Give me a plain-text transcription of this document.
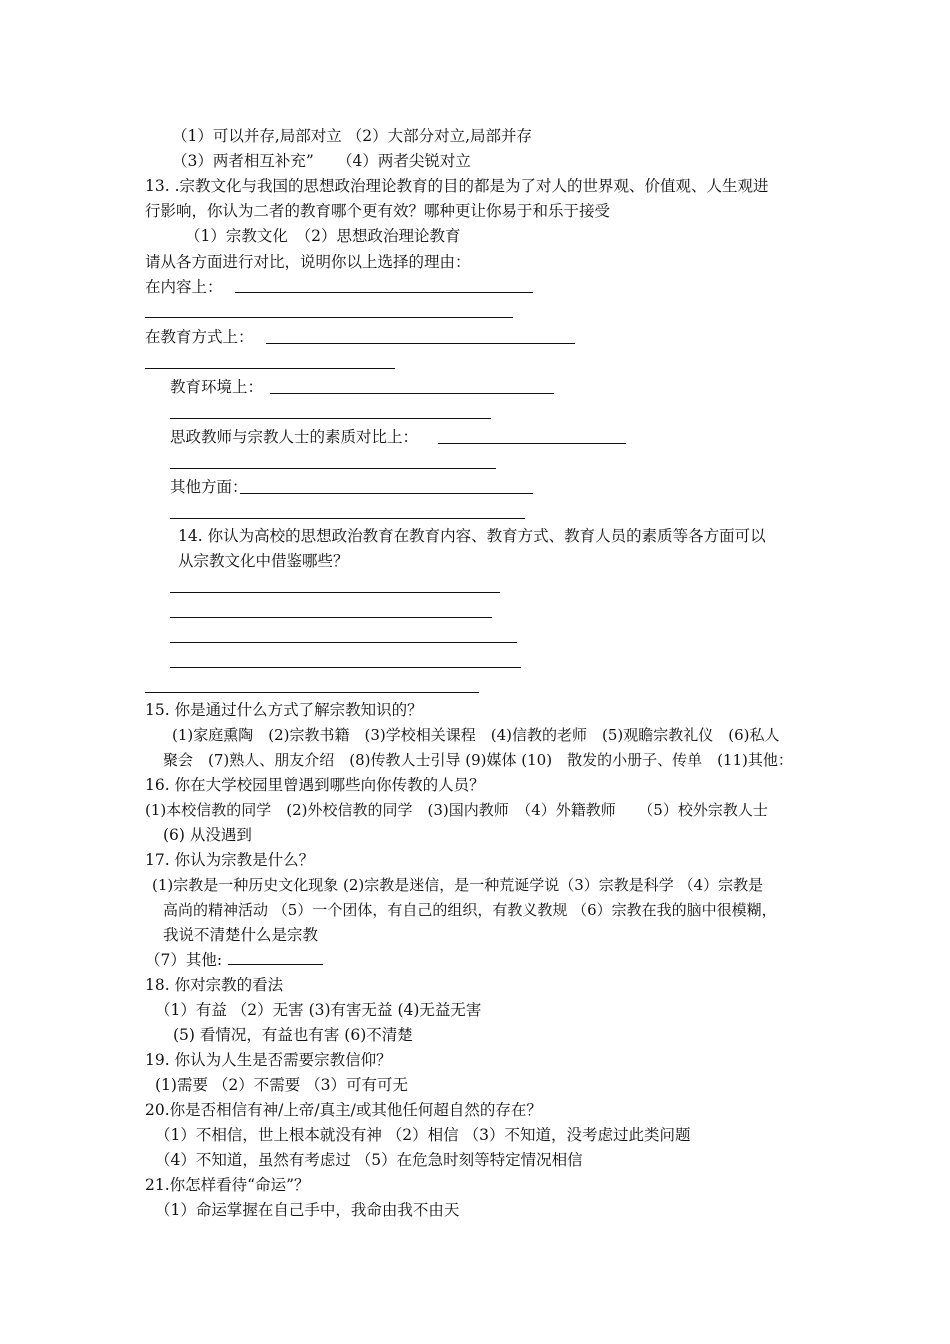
（1）可以并存,局部对立 （2）大部分对立,局部并存
（3）两者相互补充”　　（4）两者尖锐对立
13. .宗教文化与我国的思想政治理论教育的目的都是为了对人的世界观、价值观、人生观进
行影响，你认为二者的教育哪个更有效？哪种更让你易于和乐于接受
（1）宗教文化　（2）思想政治理论教育
请从各方面进行对比，说明你以上选择的理由：
在内容上：
在教育方式上：
教育环境上：
思政教师与宗教人士的素质对比上：
其他方面：
14. 你认为高校的思想政治教育在教育内容、教育方式、教育人员的素质等各方面可以
从宗教文化中借鉴哪些？
15. 你是通过什么方式了解宗教知识的？
(1)家庭熏陶　(2)宗教书籍　(3)学校相关课程　(4)信教的老师　(5)观瞻宗教礼仪　(6)私人
聚会　(7)熟人、朋友介绍　(8)传教人士引导 (9)媒体 (10)　散发的小册子、传单　(11)其他：
16. 你在大学校园里曾遇到哪些向你传教的人员？
(1)本校信教的同学　(2)外校信教的同学　(3)国内教师　（4）外籍教师　　（5）校外宗教人士
(6) 从没遇到
17. 你认为宗教是什么？
(1)宗教是一种历史文化现象 (2)宗教是迷信，是一种荒诞学说（3）宗教是科学 （4）宗教是
高尚的精神活动 （5）一个团体，有自己的组织，有教义教规 （6）宗教在我的脑中很模糊，
我说不清楚什么是宗教
（7）其他:
18. 你对宗教的看法
（1）有益 （2）无害 (3)有害无益 (4)无益无害
(5) 看情况，有益也有害 (6)不清楚
19. 你认为人生是否需要宗教信仰？
(1)需要 （2）不需要 （3）可有可无
20.你是否相信有神/上帝/真主/或其他任何超自然的存在？
（1）不相信，世上根本就没有神 （2）相信 （3）不知道，没考虑过此类问题
（4）不知道，虽然有考虑过 （5）在危急时刻等特定情况相信
21.你怎样看待“命运”？
（1）命运掌握在自己手中，我命由我不由天
